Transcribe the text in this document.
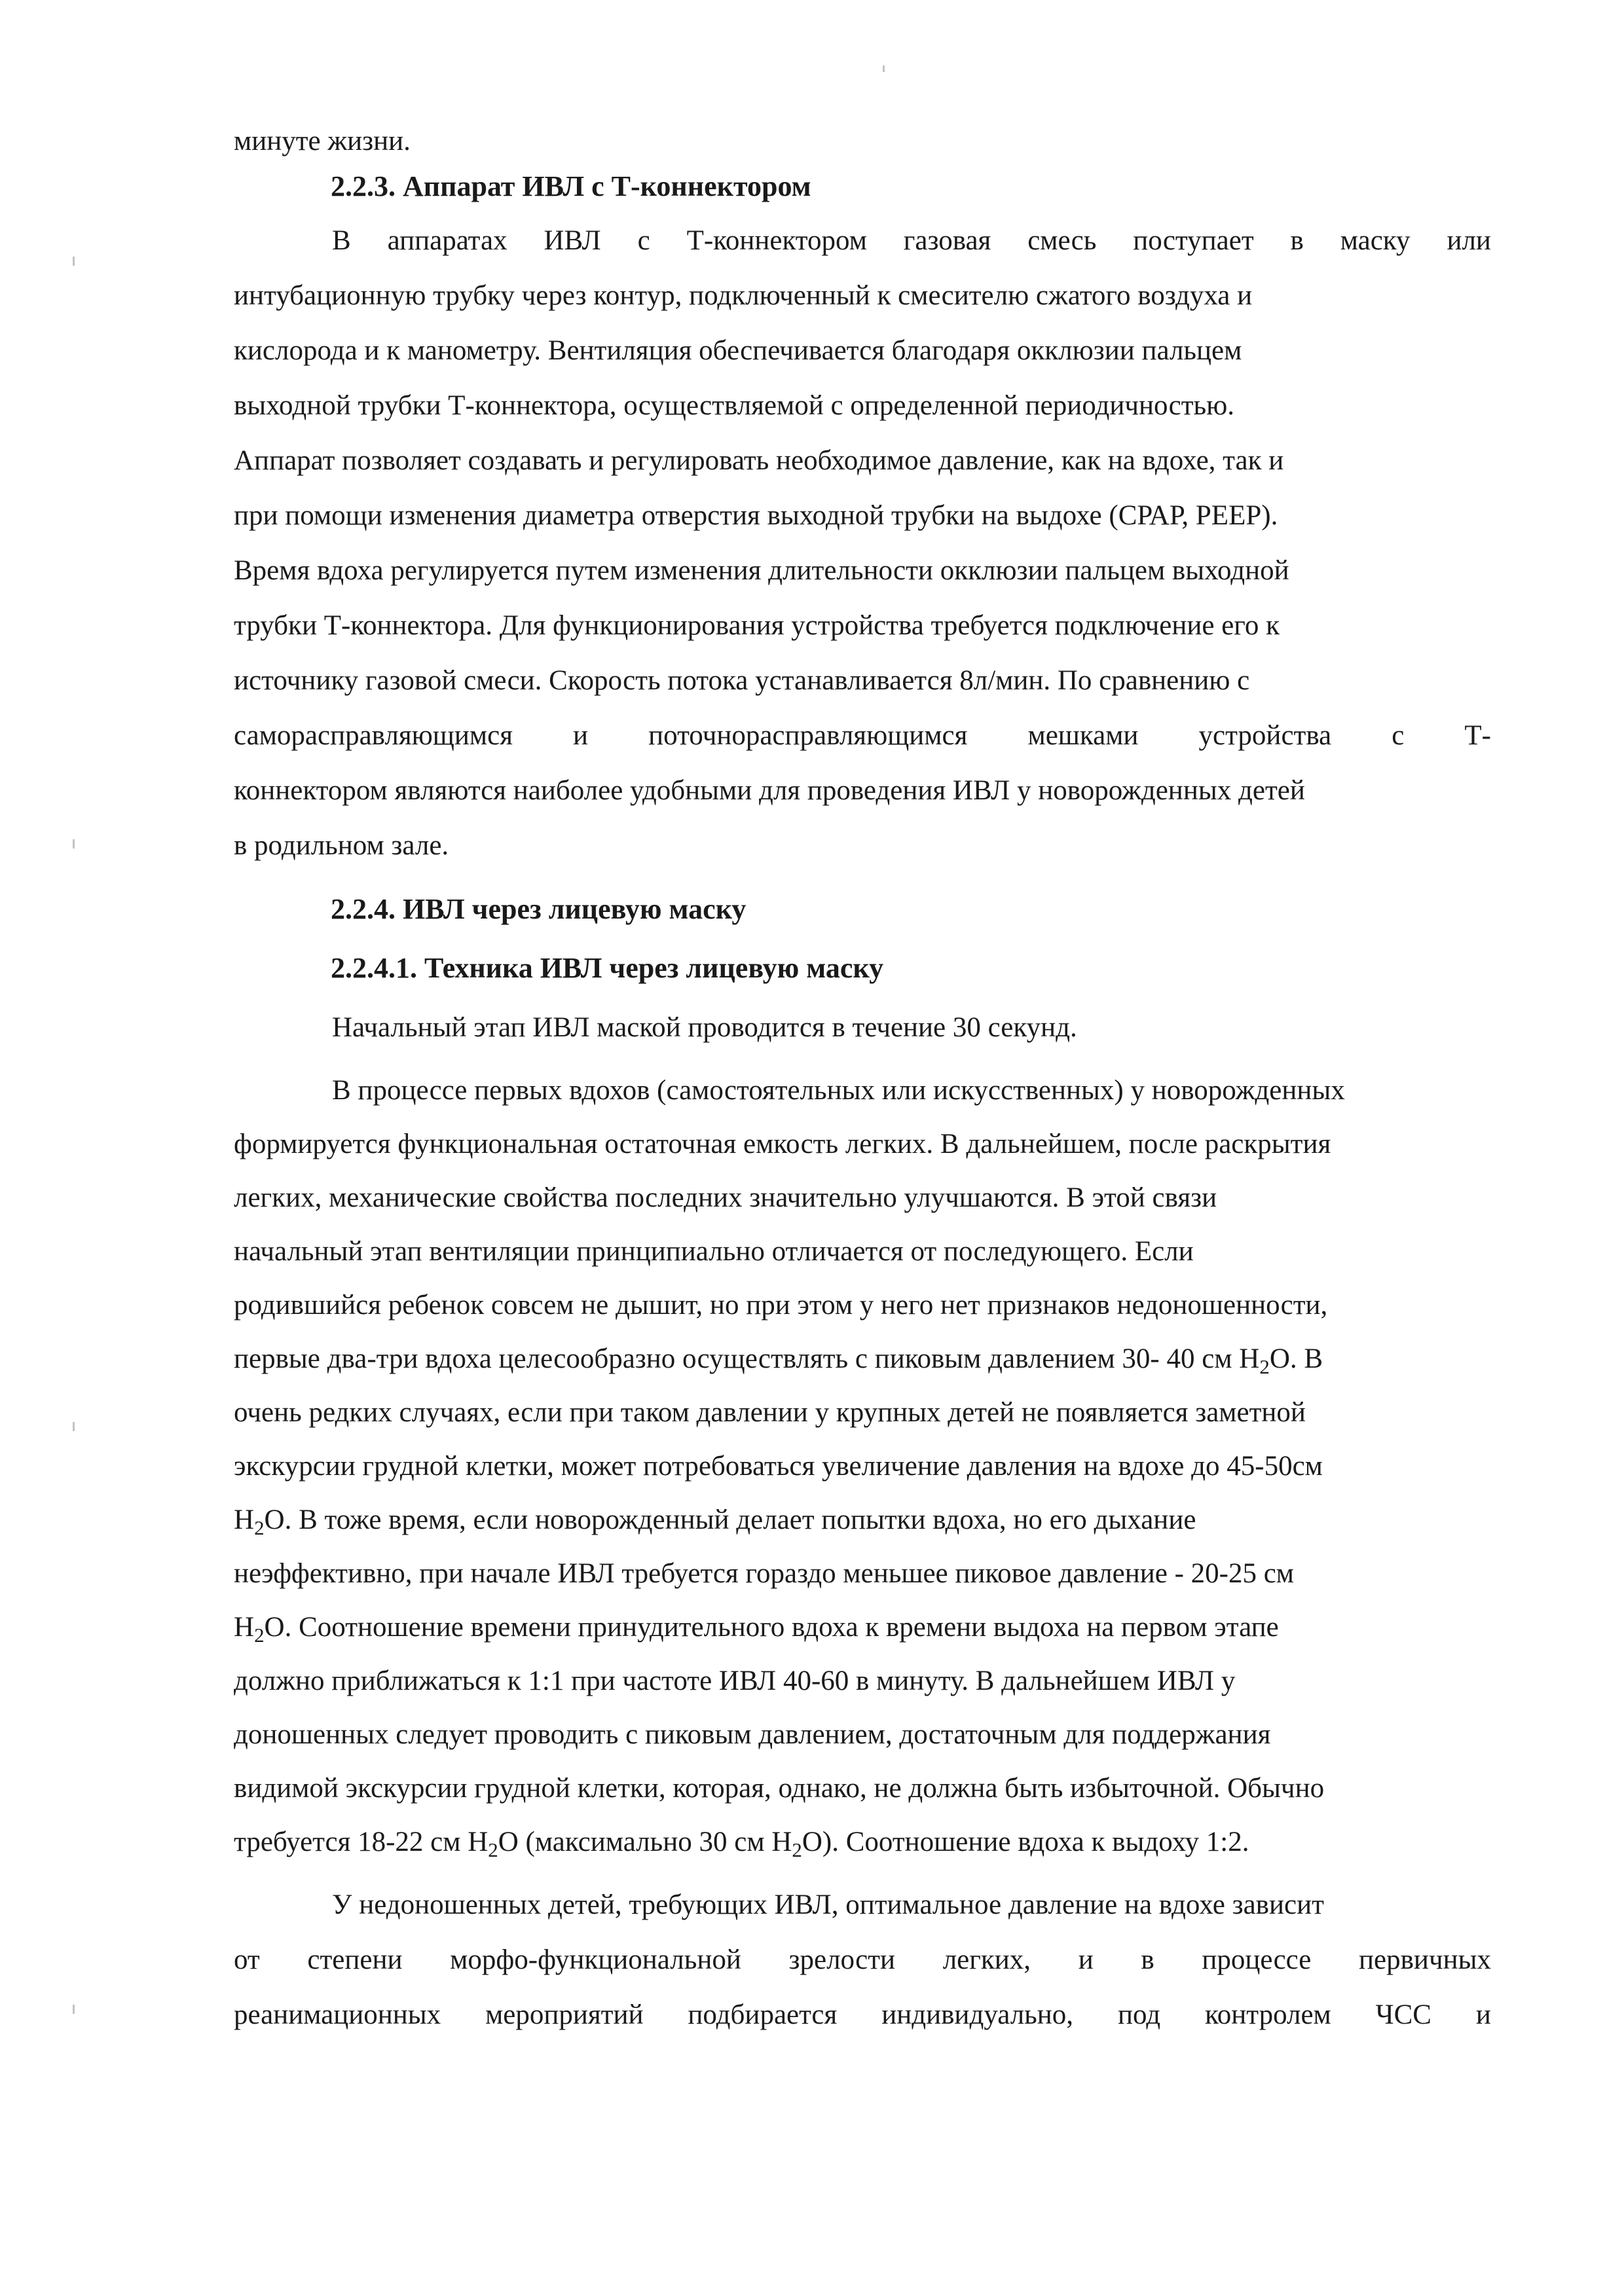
минуте жизни.
2.2.3. Аппарат ИВЛ с Т-коннектором
В аппаратах ИВЛ с Т-коннектором газовая смесь поступает в маску или
интубационную трубку через контур, подключенный к смесителю сжатого воздуха и
кислорода и к манометру. Вентиляция обеспечивается благодаря окклюзии пальцем
выходной трубки Т-коннектора, осуществляемой с определенной периодичностью.
Аппарат позволяет создавать и регулировать необходимое давление, как на вдохе, так и
при помощи изменения диаметра отверстия выходной трубки на выдохе (СРАР, РЕЕР).
Время вдоха регулируется путем изменения длительности окклюзии пальцем выходной
трубки Т-коннектора. Для функционирования устройства требуется подключение его к
источнику газовой смеси. Скорость потока устанавливается 8л/мин. По сравнению с
самораcправляющимся и поточнорасправляющимся мешками устройства с Т-
коннектором являются наиболее удобными для проведения ИВЛ у новорожденных детей
в родильном зале.
2.2.4. ИВЛ через лицевую маску
2.2.4.1. Техника ИВЛ через лицевую маску
Начальный этап ИВЛ маской проводится в течение 30 секунд.
В процессе первых вдохов (самостоятельных или искусственных) у новорожденных
формируется функциональная остаточная емкость легких. В дальнейшем, после раскрытия
легких, механические свойства последних значительно улучшаются. В этой связи
начальный этап вентиляции принципиально отличается от последующего. Если
родившийся ребенок совсем не дышит, но при этом у него нет признаков недоношенности,
первые два-три вдоха целесообразно осуществлять с пиковым давлением 30- 40 см $H_2O$. В
очень редких случаях, если при таком давлении у крупных детей не появляется заметной
экскурсии грудной клетки, может потребоваться увеличение давления на вдохе до 45-50см
$H_2O$. В тоже время, если новорожденный делает попытки вдоха, но его дыхание
неэффективно, при начале ИВЛ требуется гораздо меньшее пиковое давление - 20-25 см
$H_2O$. Соотношение времени принудительного вдоха к времени выдоха на первом этапе
должно приближаться к 1:1 при частоте ИВЛ 40-60 в минуту. В дальнейшем ИВЛ у
доношенных следует проводить с пиковым давлением, достаточным для поддержания
видимой экскурсии грудной клетки, которая, однако, не должна быть избыточной. Обычно
требуется 18-22 см $H_2O$ (максимально 30 см $H_2O$). Соотношение вдоха к выдоху 1:2.
У недоношенных детей, требующих ИВЛ, оптимальное давление на вдохе зависит
от степени морфо-функциональной зрелости легких, и в процессе первичных
реанимационных мероприятий подбирается индивидуально, под контролем ЧСС и
